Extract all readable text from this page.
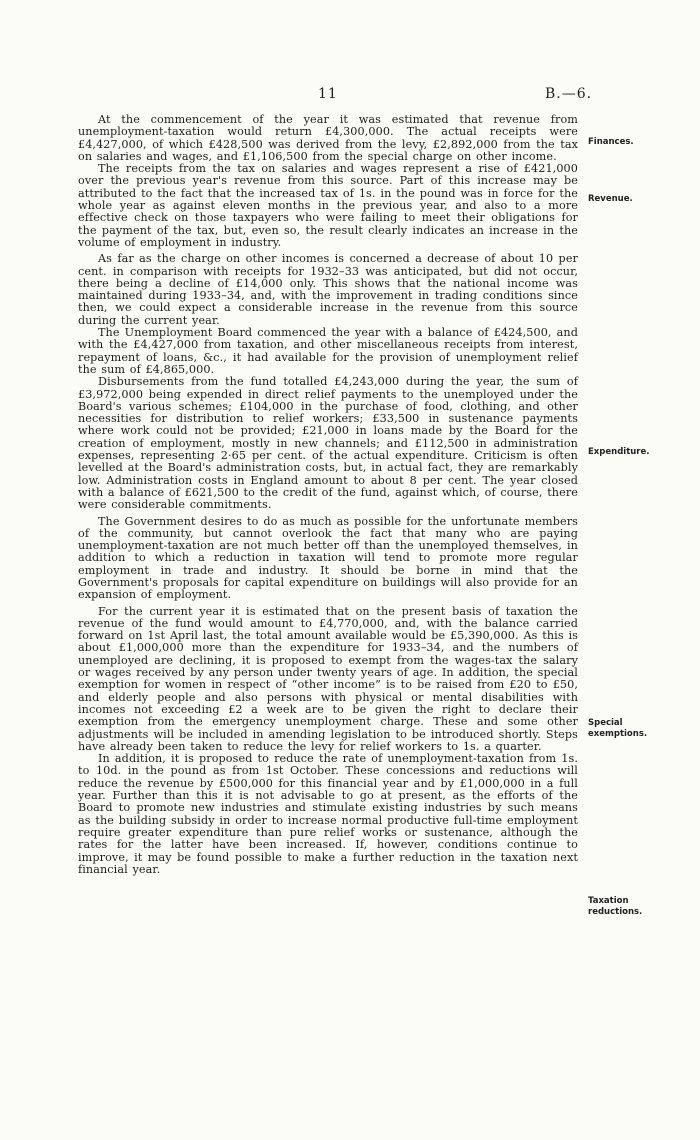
11	B.—6.

At the commencement of the year it was estimated that revenue from unemployment-taxation would return £4,300,000. The actual receipts were £4,427,000, of which £428,500 was derived from the levy, £2,892,000 from the tax on salaries and wages, and £1,106,500 from the special charge on other income.

The receipts from the tax on salaries and wages represent a rise of £421,000 over the previous year's revenue from this source. Part of this increase may be attributed to the fact that the increased tax of 1s. in the pound was in force for the whole year as against eleven months in the previous year, and also to a more effective check on those taxpayers who were failing to meet their obligations for the payment of the tax, but, even so, the result clearly indicates an increase in the volume of employment in industry.

As far as the charge on other incomes is concerned a decrease of about 10 per cent. in comparison with receipts for 1932–33 was anticipated, but did not occur, there being a decline of £14,000 only. This shows that the national income was maintained during 1933–34, and, with the improvement in trading conditions since then, we could expect a considerable increase in the revenue from this source during the current year.

The Unemployment Board commenced the year with a balance of £424,500, and with the £4,427,000 from taxation, and other miscellaneous receipts from interest, repayment of loans, &c., it had available for the provision of unemployment relief the sum of £4,865,000.

Disbursements from the fund totalled £4,243,000 during the year, the sum of £3,972,000 being expended in direct relief payments to the unemployed under the Board's various schemes; £104,000 in the purchase of food, clothing, and other necessities for distribution to relief workers; £33,500 in sustenance payments where work could not be provided; £21,000 in loans made by the Board for the creation of employment, mostly in new channels; and £112,500 in administration expenses, representing 2·65 per cent. of the actual expenditure. Criticism is often levelled at the Board's administration costs, but, in actual fact, they are remarkably low. Administration costs in England amount to about 8 per cent. The year closed with a balance of £621,500 to the credit of the fund, against which, of course, there were considerable commitments.

The Government desires to do as much as possible for the unfortunate members of the community, but cannot overlook the fact that many who are paying unemployment-taxation are not much better off than the unemployed themselves, in addition to which a reduction in taxation will tend to promote more regular employment in trade and industry. It should be borne in mind that the Government's proposals for capital expenditure on buildings will also provide for an expansion of employment.

For the current year it is estimated that on the present basis of taxation the revenue of the fund would amount to £4,770,000, and, with the balance carried forward on 1st April last, the total amount available would be £5,390,000. As this is about £1,000,000 more than the expenditure for 1933–34, and the numbers of unemployed are declining, it is proposed to exempt from the wages-tax the salary or wages received by any person under twenty years of age. In addition, the special exemption for women in respect of “other income” is to be raised from £20 to £50, and elderly people and also persons with physical or mental disabilities with incomes not exceeding £2 a week are to be given the right to declare their exemption from the emergency unemployment charge. These and some other adjustments will be included in amending legislation to be introduced shortly. Steps have already been taken to reduce the levy for relief workers to 1s. a quarter.

In addition, it is proposed to reduce the rate of unemployment-taxation from 1s. to 10d. in the pound as from 1st October. These concessions and reductions will reduce the revenue by £500,000 for this financial year and by £1,000,000 in a full year. Further than this it is not advisable to go at present, as the efforts of the Board to promote new industries and stimulate existing industries by such means as the building subsidy in order to increase normal productive full-time employment require greater expenditure than pure relief works or sustenance, although the rates for the latter have been increased. If, however, conditions continue to improve, it may be found possible to make a further reduction in the taxation next financial year.

Finances.
Revenue.
Expenditure.
Special
exemptions.
Taxation
reductions.
